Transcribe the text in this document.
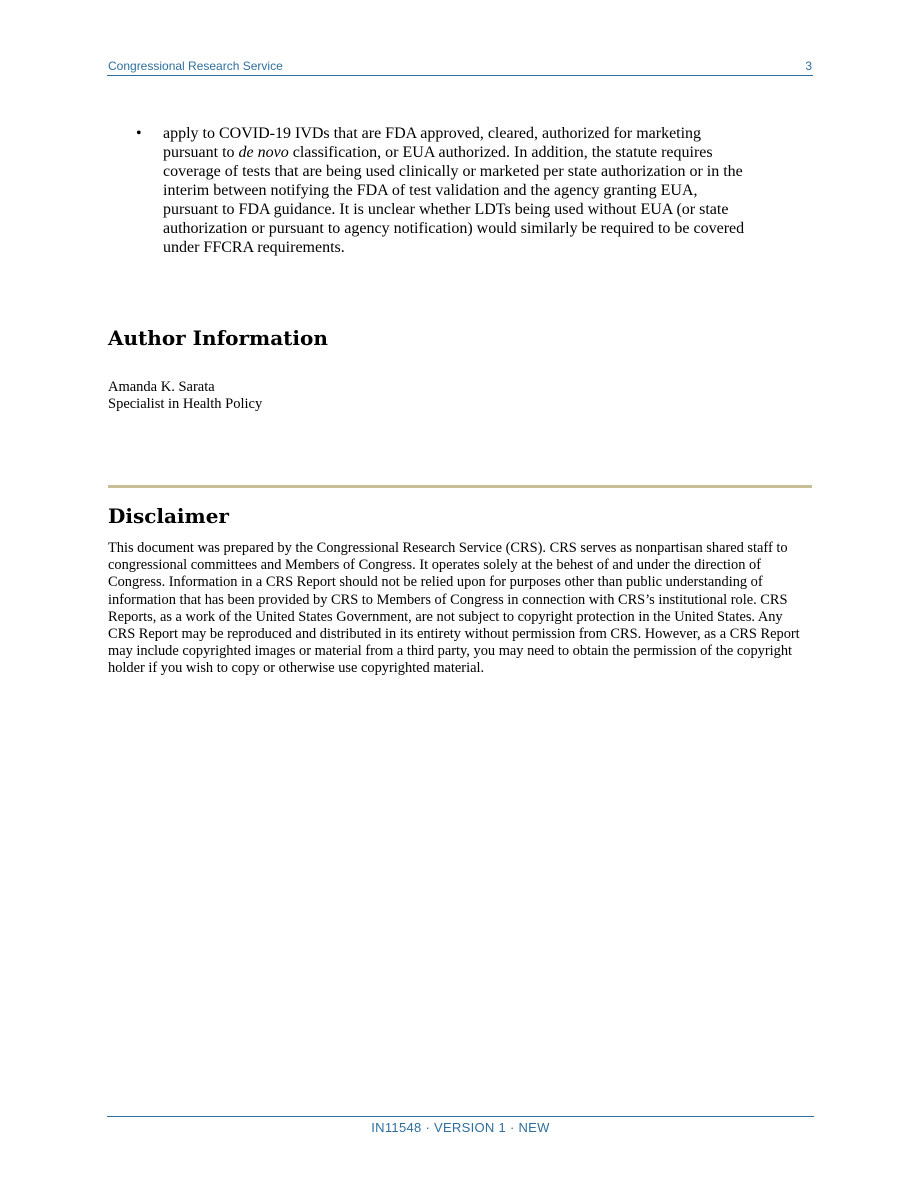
Congressional Research Service	3
•	apply to COVID-19 IVDs that are FDA approved, cleared, authorized for marketing pursuant to de novo classification, or EUA authorized. In addition, the statute requires coverage of tests that are being used clinically or marketed per state authorization or in the interim between notifying the FDA of test validation and the agency granting EUA, pursuant to FDA guidance. It is unclear whether LDTs being used without EUA (or state authorization or pursuant to agency notification) would similarly be required to be covered under FFCRA requirements.
Author Information
Amanda K. Sarata
Specialist in Health Policy
Disclaimer
This document was prepared by the Congressional Research Service (CRS). CRS serves as nonpartisan shared staff to congressional committees and Members of Congress. It operates solely at the behest of and under the direction of Congress. Information in a CRS Report should not be relied upon for purposes other than public understanding of information that has been provided by CRS to Members of Congress in connection with CRS’s institutional role. CRS Reports, as a work of the United States Government, are not subject to copyright protection in the United States. Any CRS Report may be reproduced and distributed in its entirety without permission from CRS. However, as a CRS Report may include copyrighted images or material from a third party, you may need to obtain the permission of the copyright holder if you wish to copy or otherwise use copyrighted material.
IN11548 · VERSION 1 · NEW
